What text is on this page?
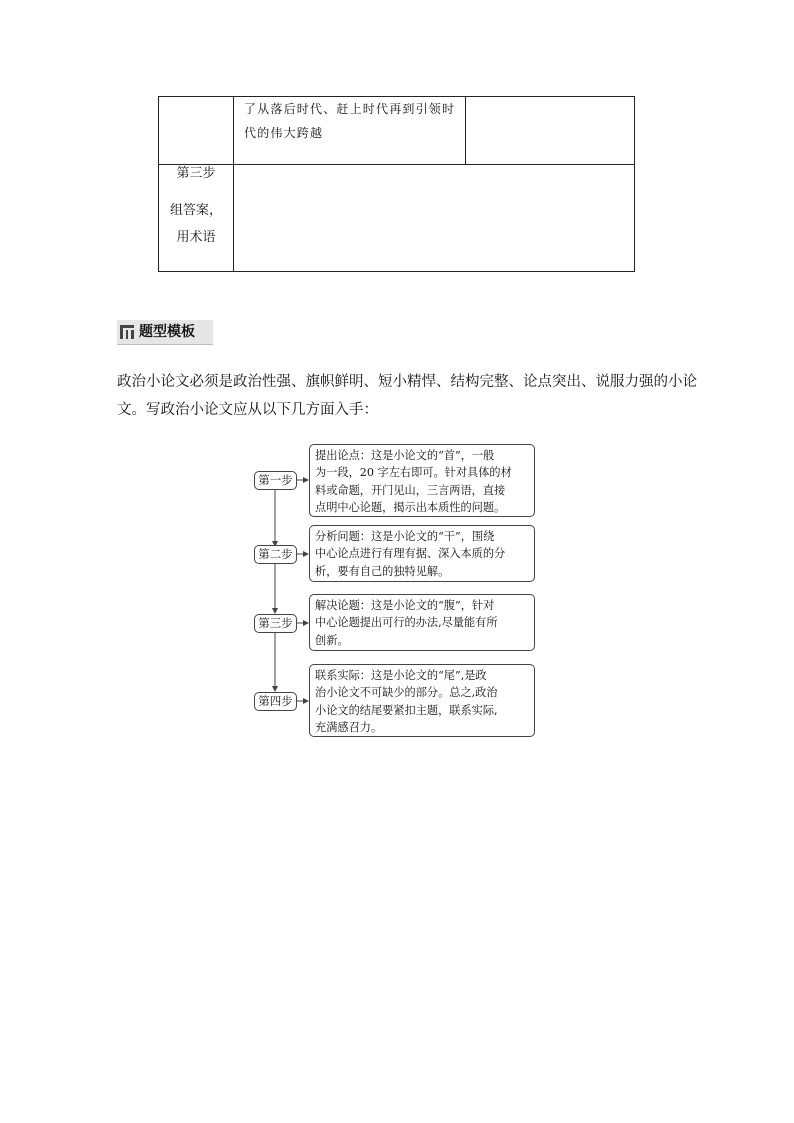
了从落后时代、赶上时代再到引领时
代的伟大跨越
第三步
组答案，
用术语
题型模板
政治小论文必须是政治性强、旗帜鲜明、短小精悍、结构完整、论点突出、说服力强的小论
文。写政治小论文应从以下几方面入手：
第一步
提出论点：这是小论文的“首”，一般
为一段，20 字左右即可。针对具体的材
料或命题，开门见山，三言两语，直接
点明中心论题，揭示出本质性的问题。
第二步
分析问题：这是小论文的“干”，围绕
中心论点进行有理有据、深入本质的分
析，要有自己的独特见解。
第三步
解决论题：这是小论文的“腹”，针对
中心论题提出可行的办法,尽量能有所
创新。
第四步
联系实际：这是小论文的“尾”,是政
治小论文不可缺少的部分。总之,政治
小论文的结尾要紧扣主题，联系实际,
充满感召力。
